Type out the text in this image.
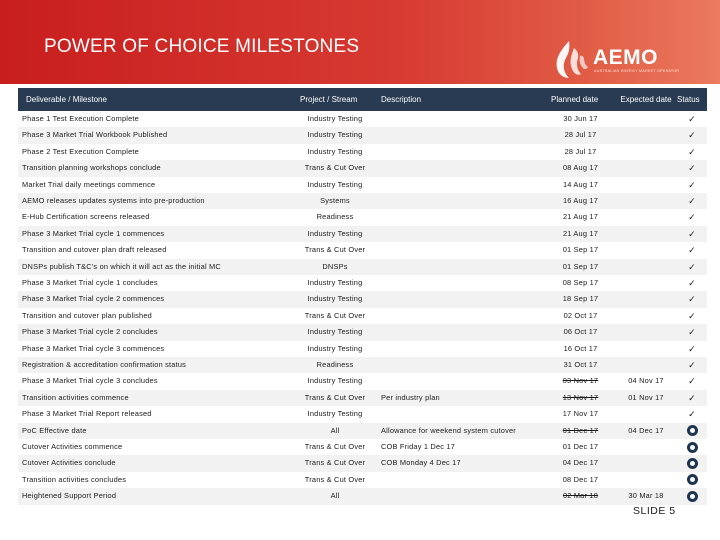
POWER OF CHOICE MILESTONES	AEMO
AUSTRALIAN ENERGY MARKET OPERATOR
Deliverable / Milestone	Project / Stream	Description	Planned date	Expected date Status
Phase 1 Test Execution Complete	Industry Testing	30 Jun 17	✓
Phase 3 Market Trial Workbook Published	Industry Testing	28 Jul 17	✓
Phase 2 Test Execution Complete	Industry Testing	28 Jul 17	✓
Transition planning workshops conclude	Trans & Cut Over	08 Aug 17	✓
Market Trial daily meetings commence	Industry Testing	14 Aug 17	✓
AEMO releases updates systems into pre-production	Systems	16 Aug 17	✓
E-Hub Certification screens released	Readiness	21 Aug 17	✓
Phase 3 Market Trial cycle 1 commences	Industry Testing	21 Aug 17	✓
Transition and cutover plan draft released	Trans & Cut Over	01 Sep 17	✓
DNSPs publish T&C's on which it will act as the initial MC	DNSPs	01 Sep 17	✓
Phase 3 Market Trial cycle 1 concludes	Industry Testing	08 Sep 17	✓
Phase 3 Market Trial cycle 2 commences	Industry Testing	18 Sep 17	✓
Transition and cutover plan published	Trans & Cut Over	02 Oct 17	✓
Phase 3 Market Trial cycle 2 concludes	Industry Testing	06 Oct 17	✓
Phase 3 Market Trial cycle 3 commences	Industry Testing	16 Oct 17	✓
Registration & accreditation confirmation status	Readiness	31 Oct 17	✓
Phase 3 Market Trial cycle 3 concludes	Industry Testing	03 Nov 17	04 Nov 17	✓
Transition activities commence	Trans & Cut Over	Per industry plan	13 Nov 17	01 Nov 17	✓
Phase 3 Market Trial Report released	Industry Testing	17 Nov 17	✓
PoC Effective date	All	Allowance for weekend system cutover	01 Dec 17	04 Dec 17
Cutover Activities commence	Trans & Cut Over	COB Friday 1 Dec 17	01 Dec 17
Cutover Activities conclude	Trans & Cut Over	COB Monday 4 Dec 17	04 Dec 17
Transition activities concludes	Trans & Cut Over	08 Dec 17
Heightened Support Period	All	02 Mar 18	30 Mar 18
SLIDE 5
